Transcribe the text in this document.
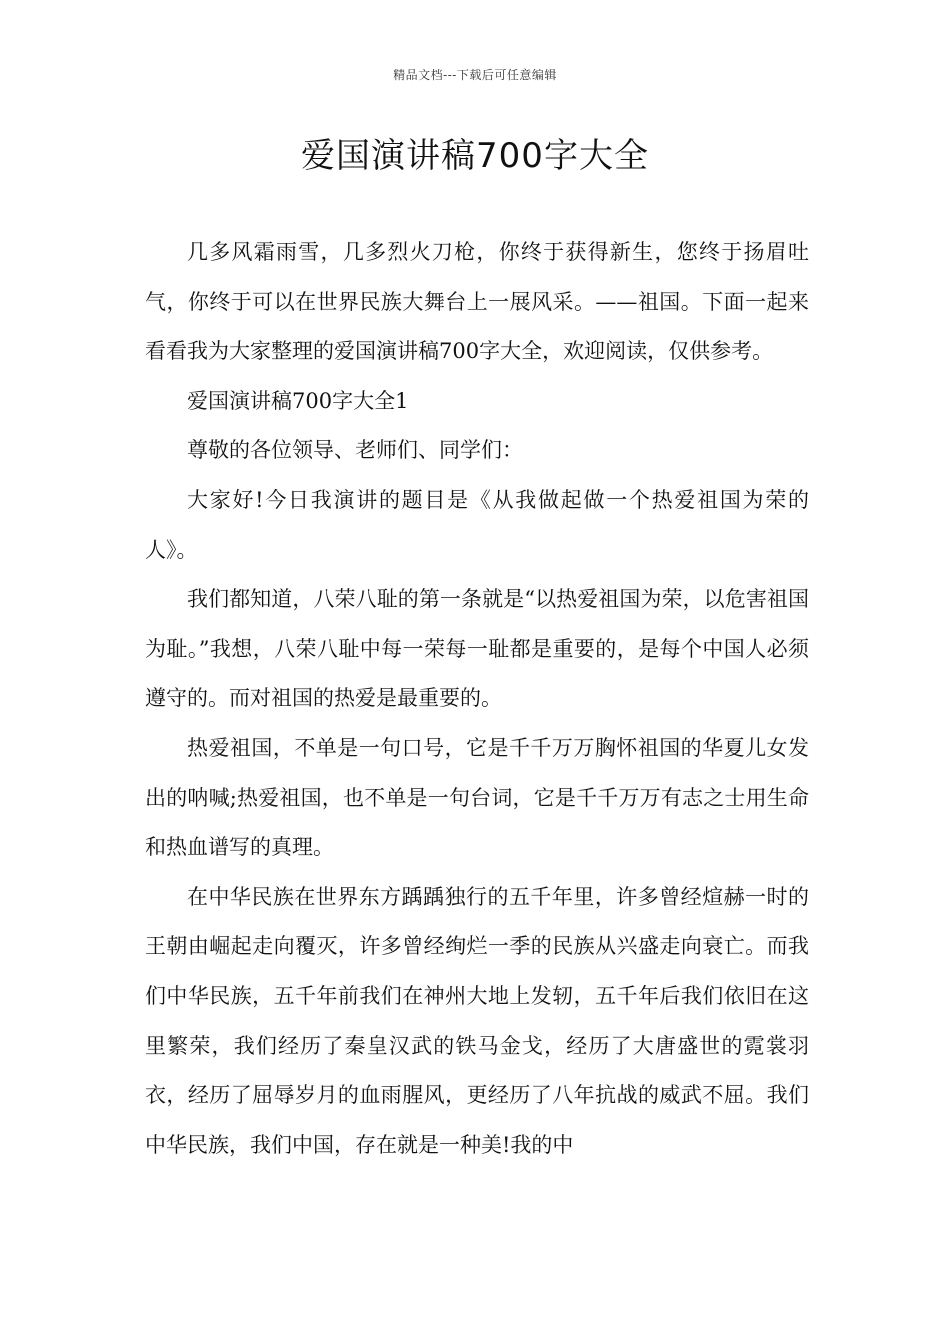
精品文档---下载后可任意编辑
爱国演讲稿700字大全

几多风霜雨雪，几多烈火刀枪，你终于获得新生，您终于扬眉吐气，你终于可以在世界民族大舞台上一展风采。——祖国。下面一起来看看我为大家整理的爱国演讲稿700字大全，欢迎阅读，仅供参考。

爱国演讲稿700字大全1

尊敬的各位领导、老师们、同学们：

大家好!今日我演讲的题目是《从我做起做一个热爱祖国为荣的人》。

我们都知道，八荣八耻的第一条就是“以热爱祖国为荣，以危害祖国为耻。”我想，八荣八耻中每一荣每一耻都是重要的，是每个中国人必须遵守的。而对祖国的热爱是最重要的。

热爱祖国，不单是一句口号，它是千千万万胸怀祖国的华夏儿女发出的呐喊;热爱祖国，也不单是一句台词，它是千千万万有志之士用生命和热血谱写的真理。

在中华民族在世界东方踽踽独行的五千年里，许多曾经煊赫一时的王朝由崛起走向覆灭，许多曾经绚烂一季的民族从兴盛走向衰亡。而我们中华民族，五千年前我们在神州大地上发轫，五千年后我们依旧在这里繁荣，我们经历了秦皇汉武的铁马金戈，经历了大唐盛世的霓裳羽衣，经历了屈辱岁月的血雨腥风，更经历了八年抗战的威武不屈。我们中华民族，我们中国，存在就是一种美!我的中
